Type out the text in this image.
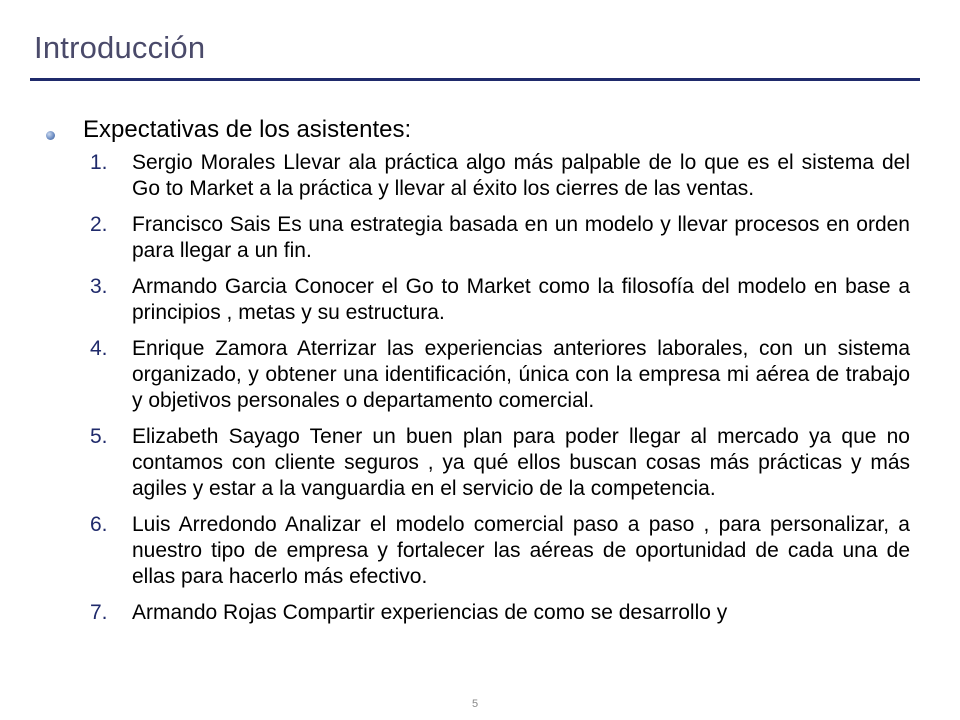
Introducción
Expectativas de los asistentes:
1.	Sergio Morales Llevar ala práctica algo más palpable de lo que es el sistema del Go to Market a la práctica y llevar al éxito los cierres de las ventas.
2.	Francisco Sais Es una estrategia basada en un modelo y llevar procesos en orden para llegar a un fin.
3.	Armando Garcia Conocer el Go to Market como la filosofía del modelo en base a principios , metas y su estructura.
4.	Enrique Zamora Aterrizar las experiencias anteriores laborales, con un sistema organizado, y obtener una identificación, única con la empresa mi aérea de trabajo y objetivos personales o departamento comercial.
5.	Elizabeth Sayago Tener un buen plan para poder llegar al mercado ya que no contamos con cliente seguros , ya qué ellos buscan cosas más prácticas y más agiles y estar a la vanguardia en el servicio de la competencia.
6.	Luis Arredondo Analizar el modelo comercial paso a paso , para personalizar, a nuestro tipo de empresa y fortalecer las aéreas de oportunidad de cada una de ellas para hacerlo más efectivo.
7.	Armando Rojas Compartir experiencias de como se desarrollo y
5
